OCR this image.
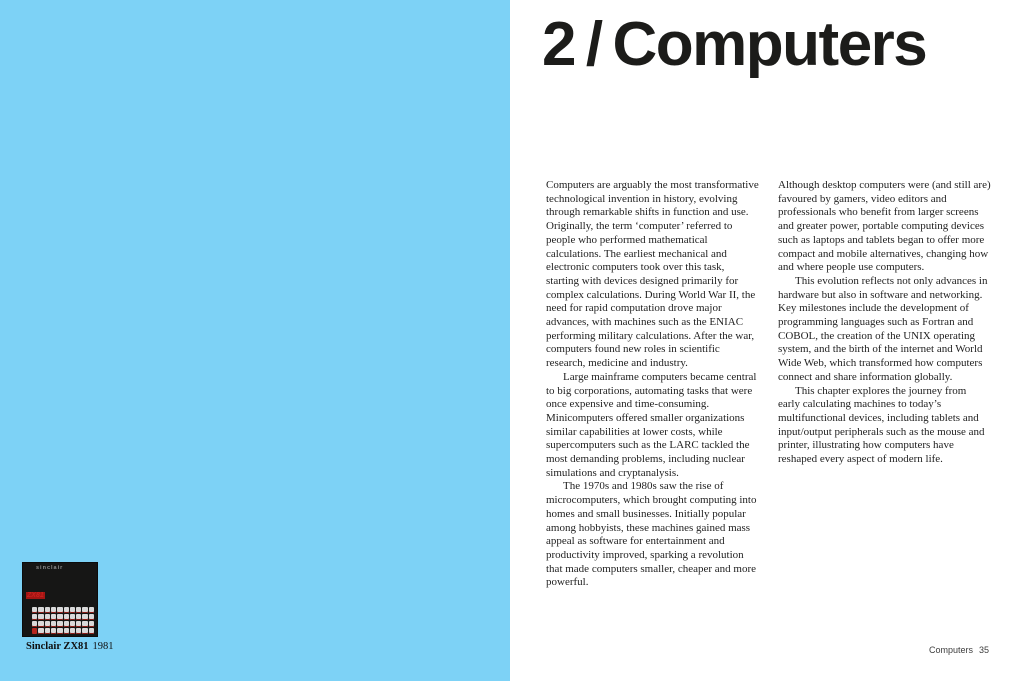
sinclair
ZX81
Sinclair ZX81 1981
2 / Computers

Computers are arguably the most transformative technological invention in history, evolving through remarkable shifts in function and use. Originally, the term ‘computer’ referred to people who performed mathematical calculations. The earliest mechanical and electronic computers took over this task, starting with devices designed primarily for complex calculations. During World War II, the need for rapid computation drove major advances, with machines such as the ENIAC performing military calculations. After the war, computers found new roles in scientific research, medicine and industry.

Large mainframe computers became central to big corporations, automating tasks that were once expensive and time-consuming. Minicomputers offered smaller organizations similar capabilities at lower costs, while supercomputers such as the LARC tackled the most demanding problems, including nuclear simulations and cryptanalysis.

The 1970s and 1980s saw the rise of microcomputers, which brought computing into homes and small businesses. Initially popular among hobbyists, these machines gained mass appeal as software for entertainment and productivity improved, sparking a revolution that made computers smaller, cheaper and more powerful.

Although desktop computers were (and still are) favoured by gamers, video editors and professionals who benefit from larger screens and greater power, portable computing devices such as laptops and tablets began to offer more compact and mobile alternatives, changing how and where people use computers.

This evolution reflects not only advances in hardware but also in software and networking. Key milestones include the development of programming languages such as Fortran and COBOL, the creation of the UNIX operating system, and the birth of the internet and World Wide Web, which transformed how computers connect and share information globally.

This chapter explores the journey from early calculating machines to today’s multifunctional devices, including tablets and input/output peripherals such as the mouse and printer, illustrating how computers have reshaped every aspect of modern life.

Computers 35
